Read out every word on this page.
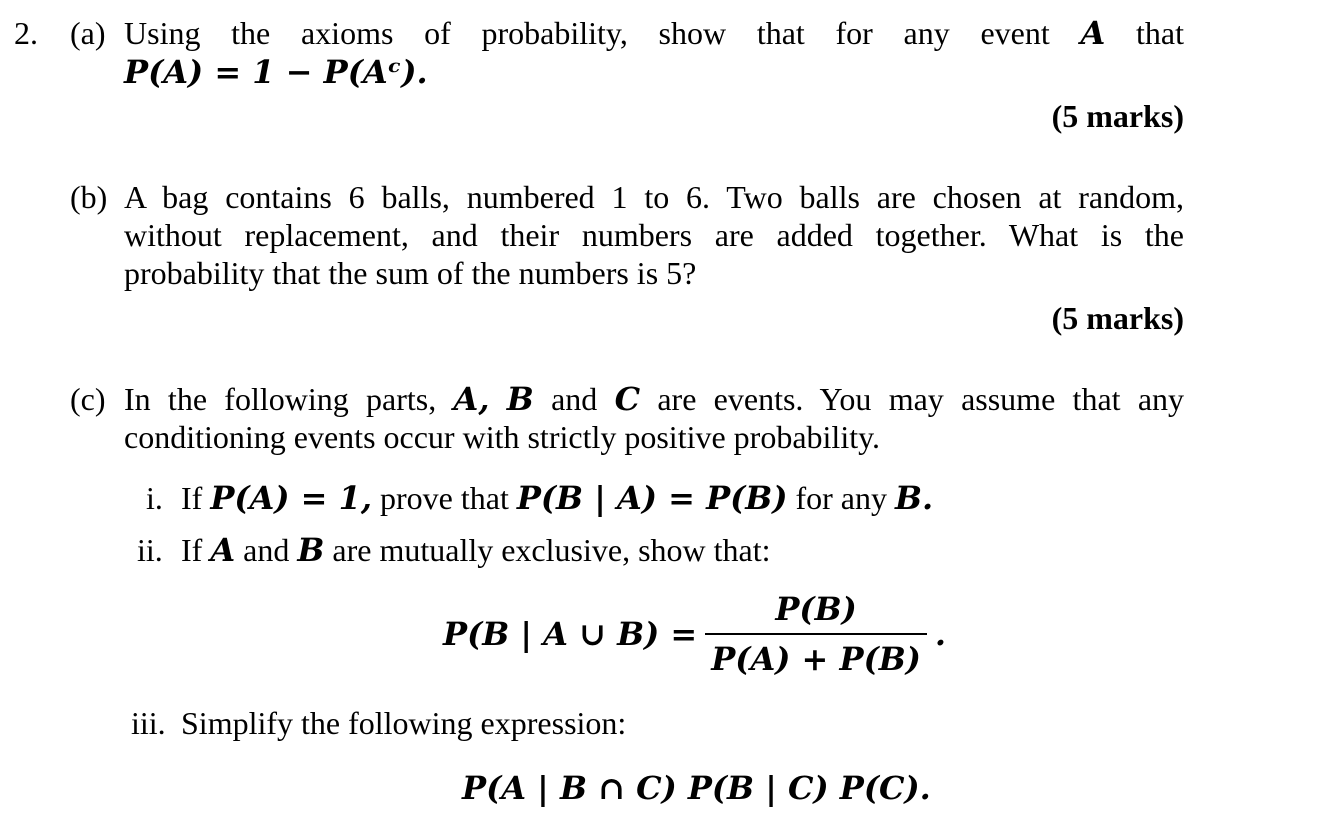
2. (a) Using the axioms of probability, show that for any event A that
P(A) = 1 − P(Aᶜ).
(5 marks)
(b) A bag contains 6 balls, numbered 1 to 6. Two balls are chosen at random,
without replacement, and their numbers are added together. What is the
probability that the sum of the numbers is 5?
(5 marks)
(c) In the following parts, A, B and C are events. You may assume that any
conditioning events occur with strictly positive probability.
i. If P(A) = 1, prove that P(B | A) = P(B) for any B.
ii. If A and B are mutually exclusive, show that:
P(B | A ∪ $B) = \frac{P(B)}{P(A) + P(B)}$ .
iii. Simplify the following expression:
P(A | B ∩ C) P(B | C) P(C).
